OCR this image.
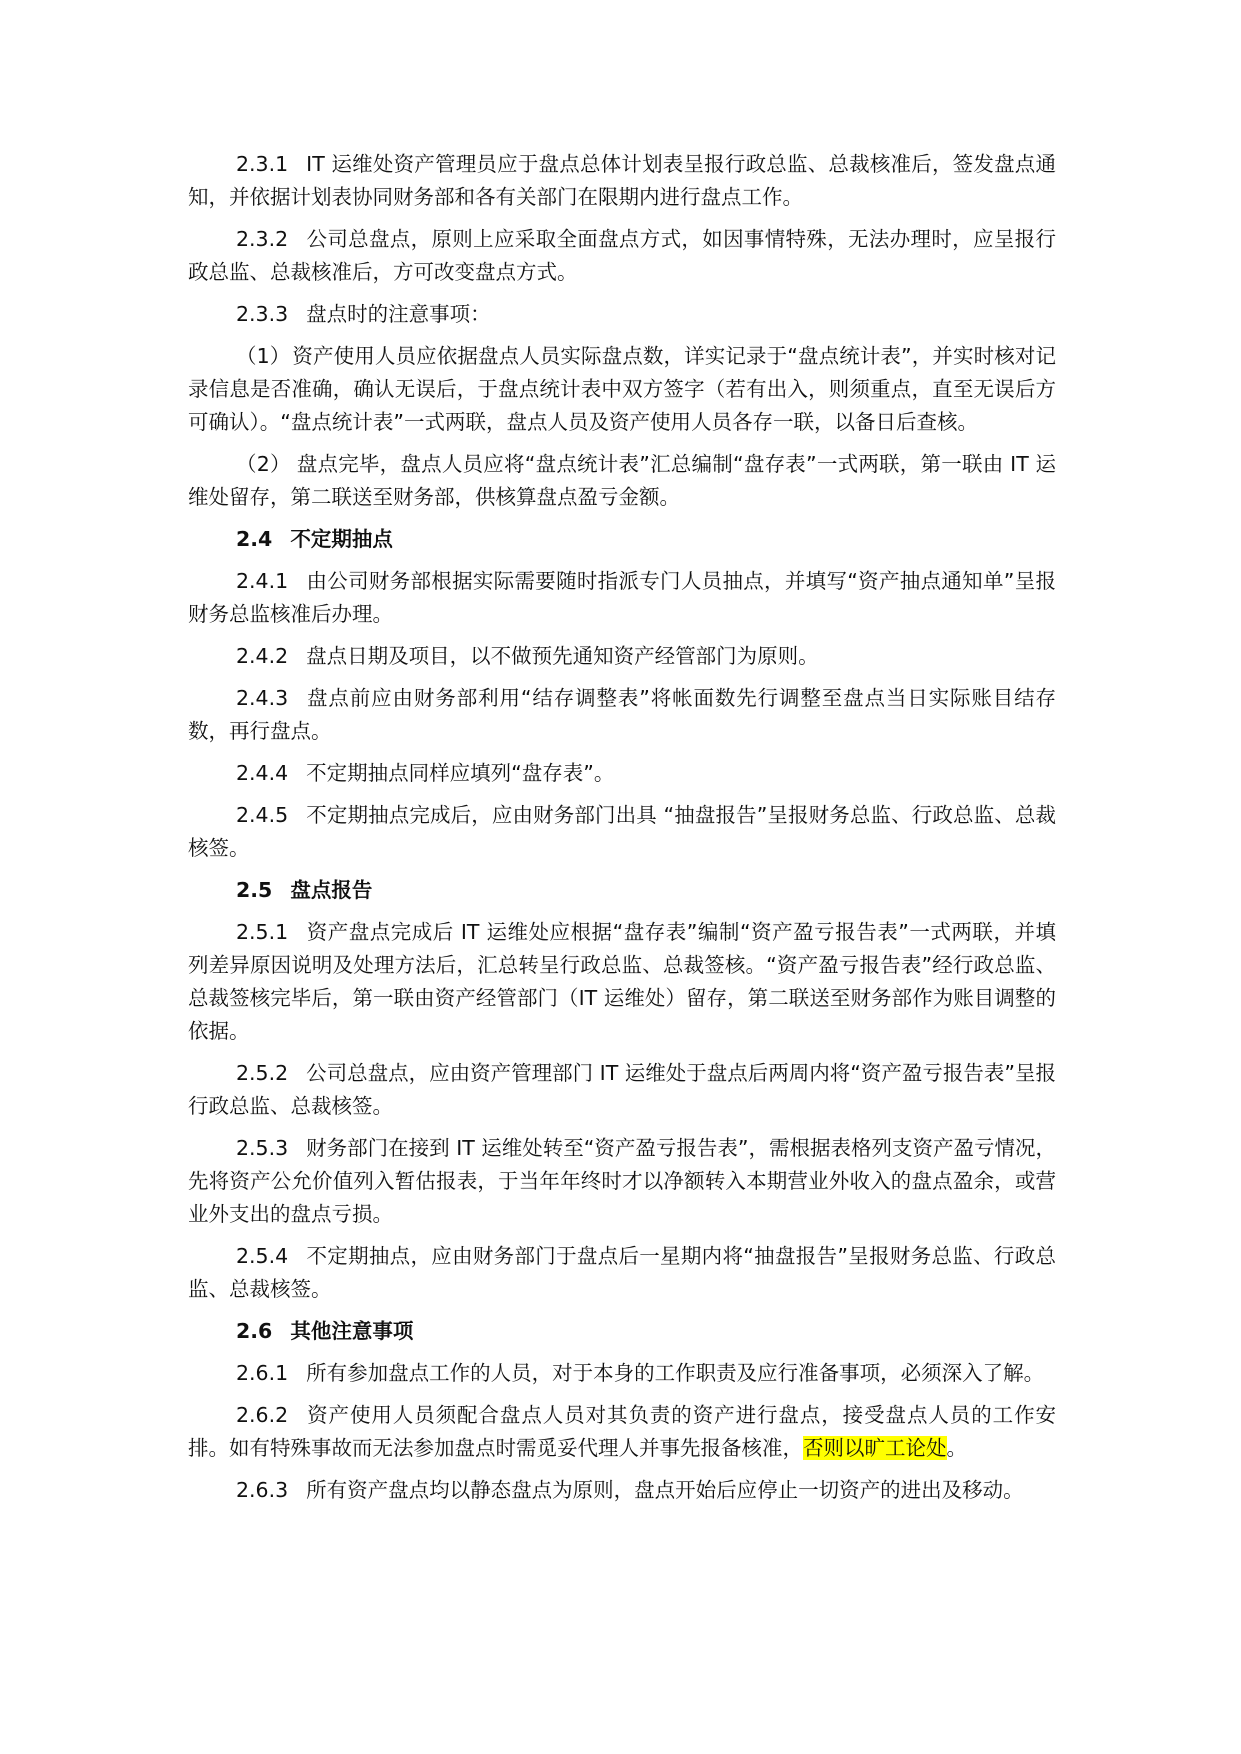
2.3.1 IT 运维处资产管理员应于盘点总体计划表呈报行政总监、总裁核准后，签发盘点通知，并依据计划表协同财务部和各有关部门在限期内进行盘点工作。

2.3.2 公司总盘点，原则上应采取全面盘点方式，如因事情特殊，无法办理时，应呈报行政总监、总裁核准后，方可改变盘点方式。

2.3.3 盘点时的注意事项：

（1）资产使用人员应依据盘点人员实际盘点数，详实记录于“盘点统计表”，并实时核对记录信息是否准确，确认无误后，于盘点统计表中双方签字（若有出入，则须重点，直至无误后方可确认）。“盘点统计表”一式两联，盘点人员及资产使用人员各存一联，以备日后查核。

（2） 盘点完毕，盘点人员应将“盘点统计表”汇总编制“盘存表”一式两联，第一联由 IT 运维处留存，第二联送至财务部，供核算盘点盈亏金额。

2.4 不定期抽点

2.4.1 由公司财务部根据实际需要随时指派专门人员抽点，并填写“资产抽点通知单”呈报财务总监核准后办理。

2.4.2 盘点日期及项目，以不做预先通知资产经管部门为原则。

2.4.3 盘点前应由财务部利用“结存调整表”将帐面数先行调整至盘点当日实际账目结存数，再行盘点。

2.4.4 不定期抽点同样应填列“盘存表”。

2.4.5 不定期抽点完成后，应由财务部门出具 “抽盘报告”呈报财务总监、行政总监、总裁核签。

2.5 盘点报告

2.5.1 资产盘点完成后 IT 运维处应根据“盘存表”编制“资产盈亏报告表”一式两联，并填列差异原因说明及处理方法后，汇总转呈行政总监、总裁签核。“资产盈亏报告表”经行政总监、总裁签核完毕后，第一联由资产经管部门（IT 运维处）留存，第二联送至财务部作为账目调整的依据。

2.5.2 公司总盘点，应由资产管理部门 IT 运维处于盘点后两周内将“资产盈亏报告表”呈报行政总监、总裁核签。

2.5.3 财务部门在接到 IT 运维处转至“资产盈亏报告表”，需根据表格列支资产盈亏情况，先将资产公允价值列入暂估报表，于当年年终时才以净额转入本期营业外收入的盘点盈余，或营业外支出的盘点亏损。

2.5.4 不定期抽点，应由财务部门于盘点后一星期内将“抽盘报告”呈报财务总监、行政总监、总裁核签。

2.6 其他注意事项

2.6.1 所有参加盘点工作的人员，对于本身的工作职责及应行准备事项，必须深入了解。

2.6.2 资产使用人员须配合盘点人员对其负责的资产进行盘点，接受盘点人员的工作安排。如有特殊事故而无法参加盘点时需觅妥代理人并事先报备核准，否则以旷工论处。

2.6.3 所有资产盘点均以静态盘点为原则，盘点开始后应停止一切资产的进出及移动。
